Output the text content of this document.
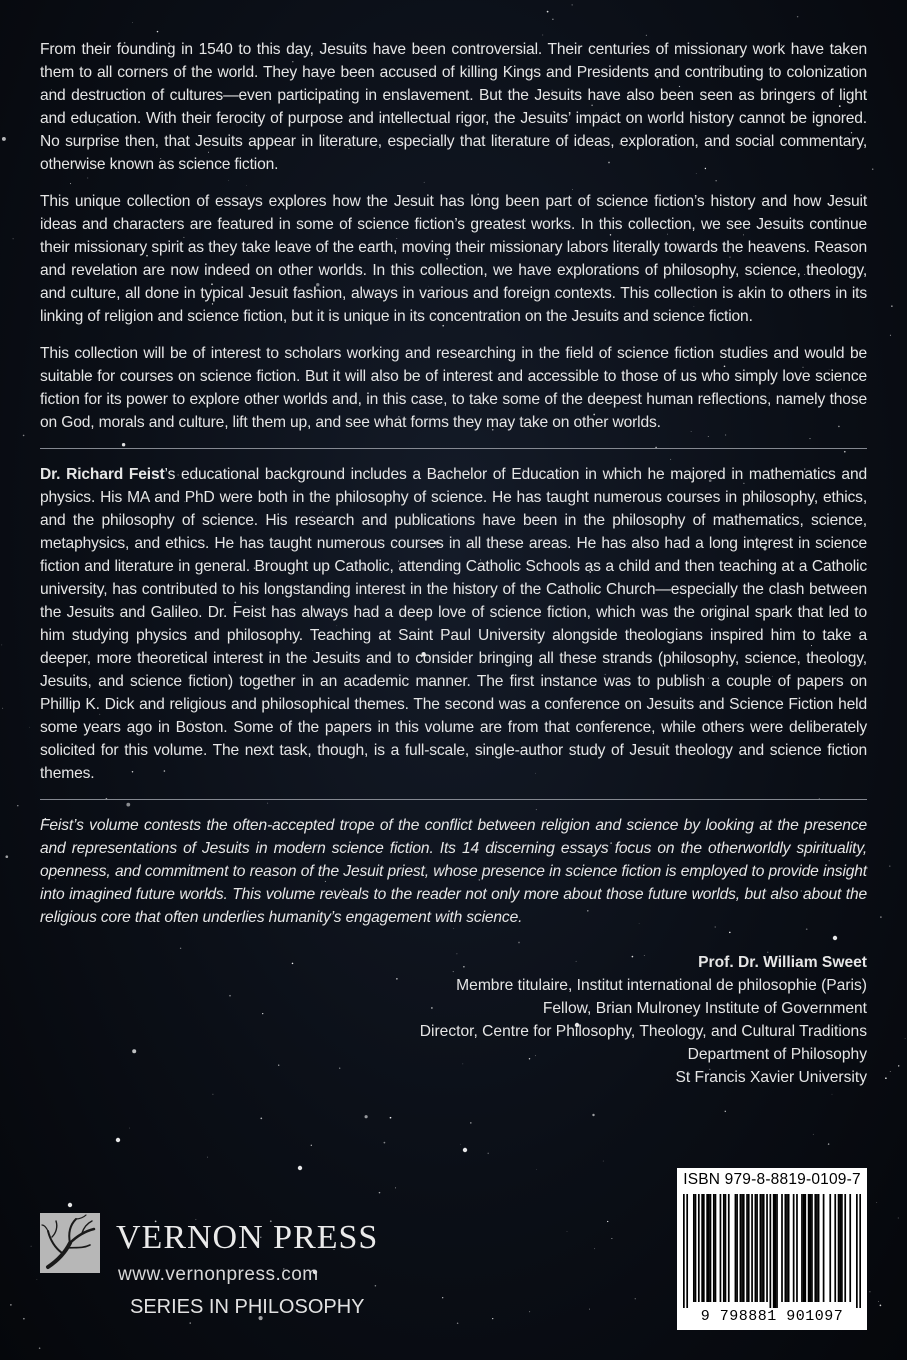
From their founding in 1540 to this day, Jesuits have been controversial. Their centuries of missionary work have taken them to all corners of the world. They have been accused of killing Kings and Presidents and contributing to colonization and destruction of cultures—even participating in enslavement. But the Jesuits have also been seen as bringers of light and education. With their ferocity of purpose and intellectual rigor, the Jesuits’ impact on world history cannot be ignored. No surprise then, that Jesuits appear in literature, especially that literature of ideas, exploration, and social commentary, otherwise known as science fiction.

This unique collection of essays explores how the Jesuit has long been part of science fiction’s history and how Jesuit ideas and characters are featured in some of science fiction’s greatest works. In this collection, we see Jesuits continue their missionary spirit as they take leave of the earth, moving their missionary labors literally towards the heavens. Reason and revelation are now indeed on other worlds. In this collection, we have explorations of philosophy, science, theology, and culture, all done in typical Jesuit fashion, always in various and foreign contexts. This collection is akin to others in its linking of religion and science fiction, but it is unique in its concentration on the Jesuits and science fiction.

This collection will be of interest to scholars working and researching in the field of science fiction studies and would be suitable for courses on science fiction. But it will also be of interest and accessible to those of us who simply love science fiction for its power to explore other worlds and, in this case, to take some of the deepest human reflections, namely those on God, morals and culture, lift them up, and see what forms they may take on other worlds.

Dr. Richard Feist’s educational background includes a Bachelor of Education in which he majored in mathematics and physics. His MA and PhD were both in the philosophy of science. He has taught numerous courses in philosophy, ethics, and the philosophy of science. His research and publications have been in the philosophy of mathematics, science, metaphysics, and ethics. He has taught numerous courses in all these areas. He has also had a long interest in science fiction and literature in general. Brought up Catholic, attending Catholic Schools as a child and then teaching at a Catholic university, has contributed to his longstanding interest in the history of the Catholic Church—especially the clash between the Jesuits and Galileo. Dr. Feist has always had a deep love of science fiction, which was the original spark that led to him studying physics and philosophy. Teaching at Saint Paul University alongside theologians inspired him to take a deeper, more theoretical interest in the Jesuits and to consider bringing all these strands (philosophy, science, theology, Jesuits, and science fiction) together in an academic manner. The first instance was to publish a couple of papers on Phillip K. Dick and religious and philosophical themes. The second was a conference on Jesuits and Science Fiction held some years ago in Boston. Some of the papers in this volume are from that conference, while others were deliberately solicited for this volume. The next task, though, is a full-scale, single-author study of Jesuit theology and science fiction themes.

Feist’s volume contests the often-accepted trope of the conflict between religion and science by looking at the presence and representations of Jesuits in modern science fiction. Its 14 discerning essays focus on the otherworldly spirituality, openness, and commitment to reason of the Jesuit priest, whose presence in science fiction is employed to provide insight into imagined future worlds. This volume reveals to the reader not only more about those future worlds, but also about the religious core that often underlies humanity’s engagement with science.

Prof. Dr. William Sweet
Membre titulaire, Institut international de philosophie (Paris)
Fellow, Brian Mulroney Institute of Government
Director, Centre for Philosophy, Theology, and Cultural Traditions
Department of Philosophy
St Francis Xavier University
VERNON PRESS
www.vernonpress.com
SERIES IN PHILOSOPHY
ISBN 979-8-8819-0109-7
9 798881 901097
